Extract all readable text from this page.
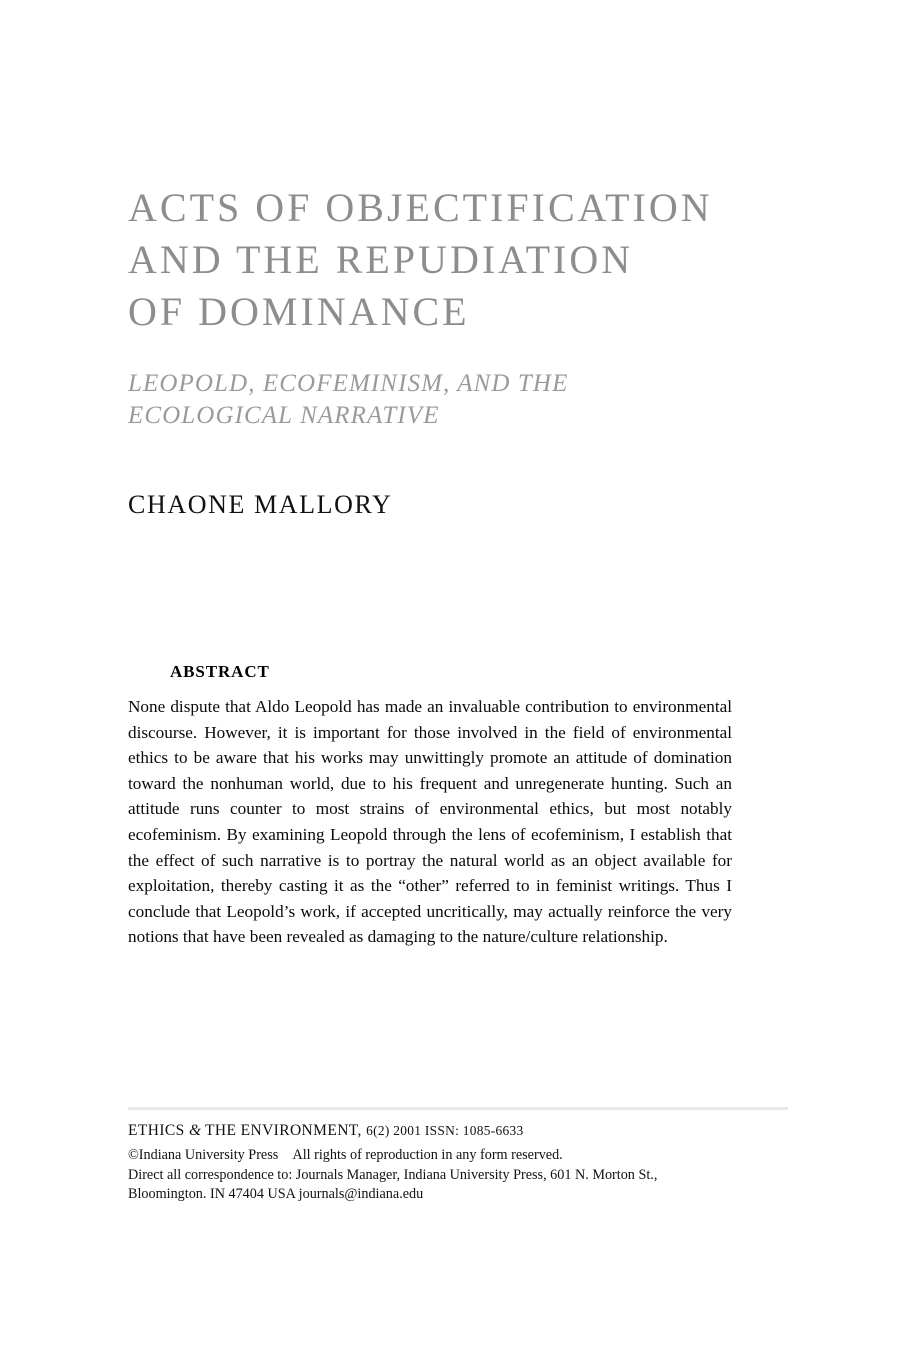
ACTS OF OBJECTIFICATION
AND THE REPUDIATION
OF DOMINANCE
LEOPOLD, ECOFEMINISM, AND THE
ECOLOGICAL NARRATIVE
CHAONE MALLORY
ABSTRACT

None dispute that Aldo Leopold has made an invaluable contribution to environmental discourse. However, it is important for those involved in the field of environmental ethics to be aware that his works may unwittingly promote an attitude of domination toward the nonhuman world, due to his frequent and unregenerate hunting. Such an attitude runs counter to most strains of environmental ethics, but most notably ecofeminism. By examining Leopold through the lens of ecofeminism, I establish that the effect of such narrative is to portray the natural world as an object available for exploitation, thereby casting it as the “other” referred to in feminist writings. Thus I conclude that Leopold’s work, if accepted uncritically, may actually reinforce the very notions that have been revealed as damaging to the nature/culture relationship.

ETHICS & THE ENVIRONMENT, 6(2) 2001 ISSN: 1085-6633
©Indiana University Press All rights of reproduction in any form reserved.
Direct all correspondence to: Journals Manager, Indiana University Press, 601 N. Morton St.,
Bloomington. IN 47404 USA journals@indiana.edu
